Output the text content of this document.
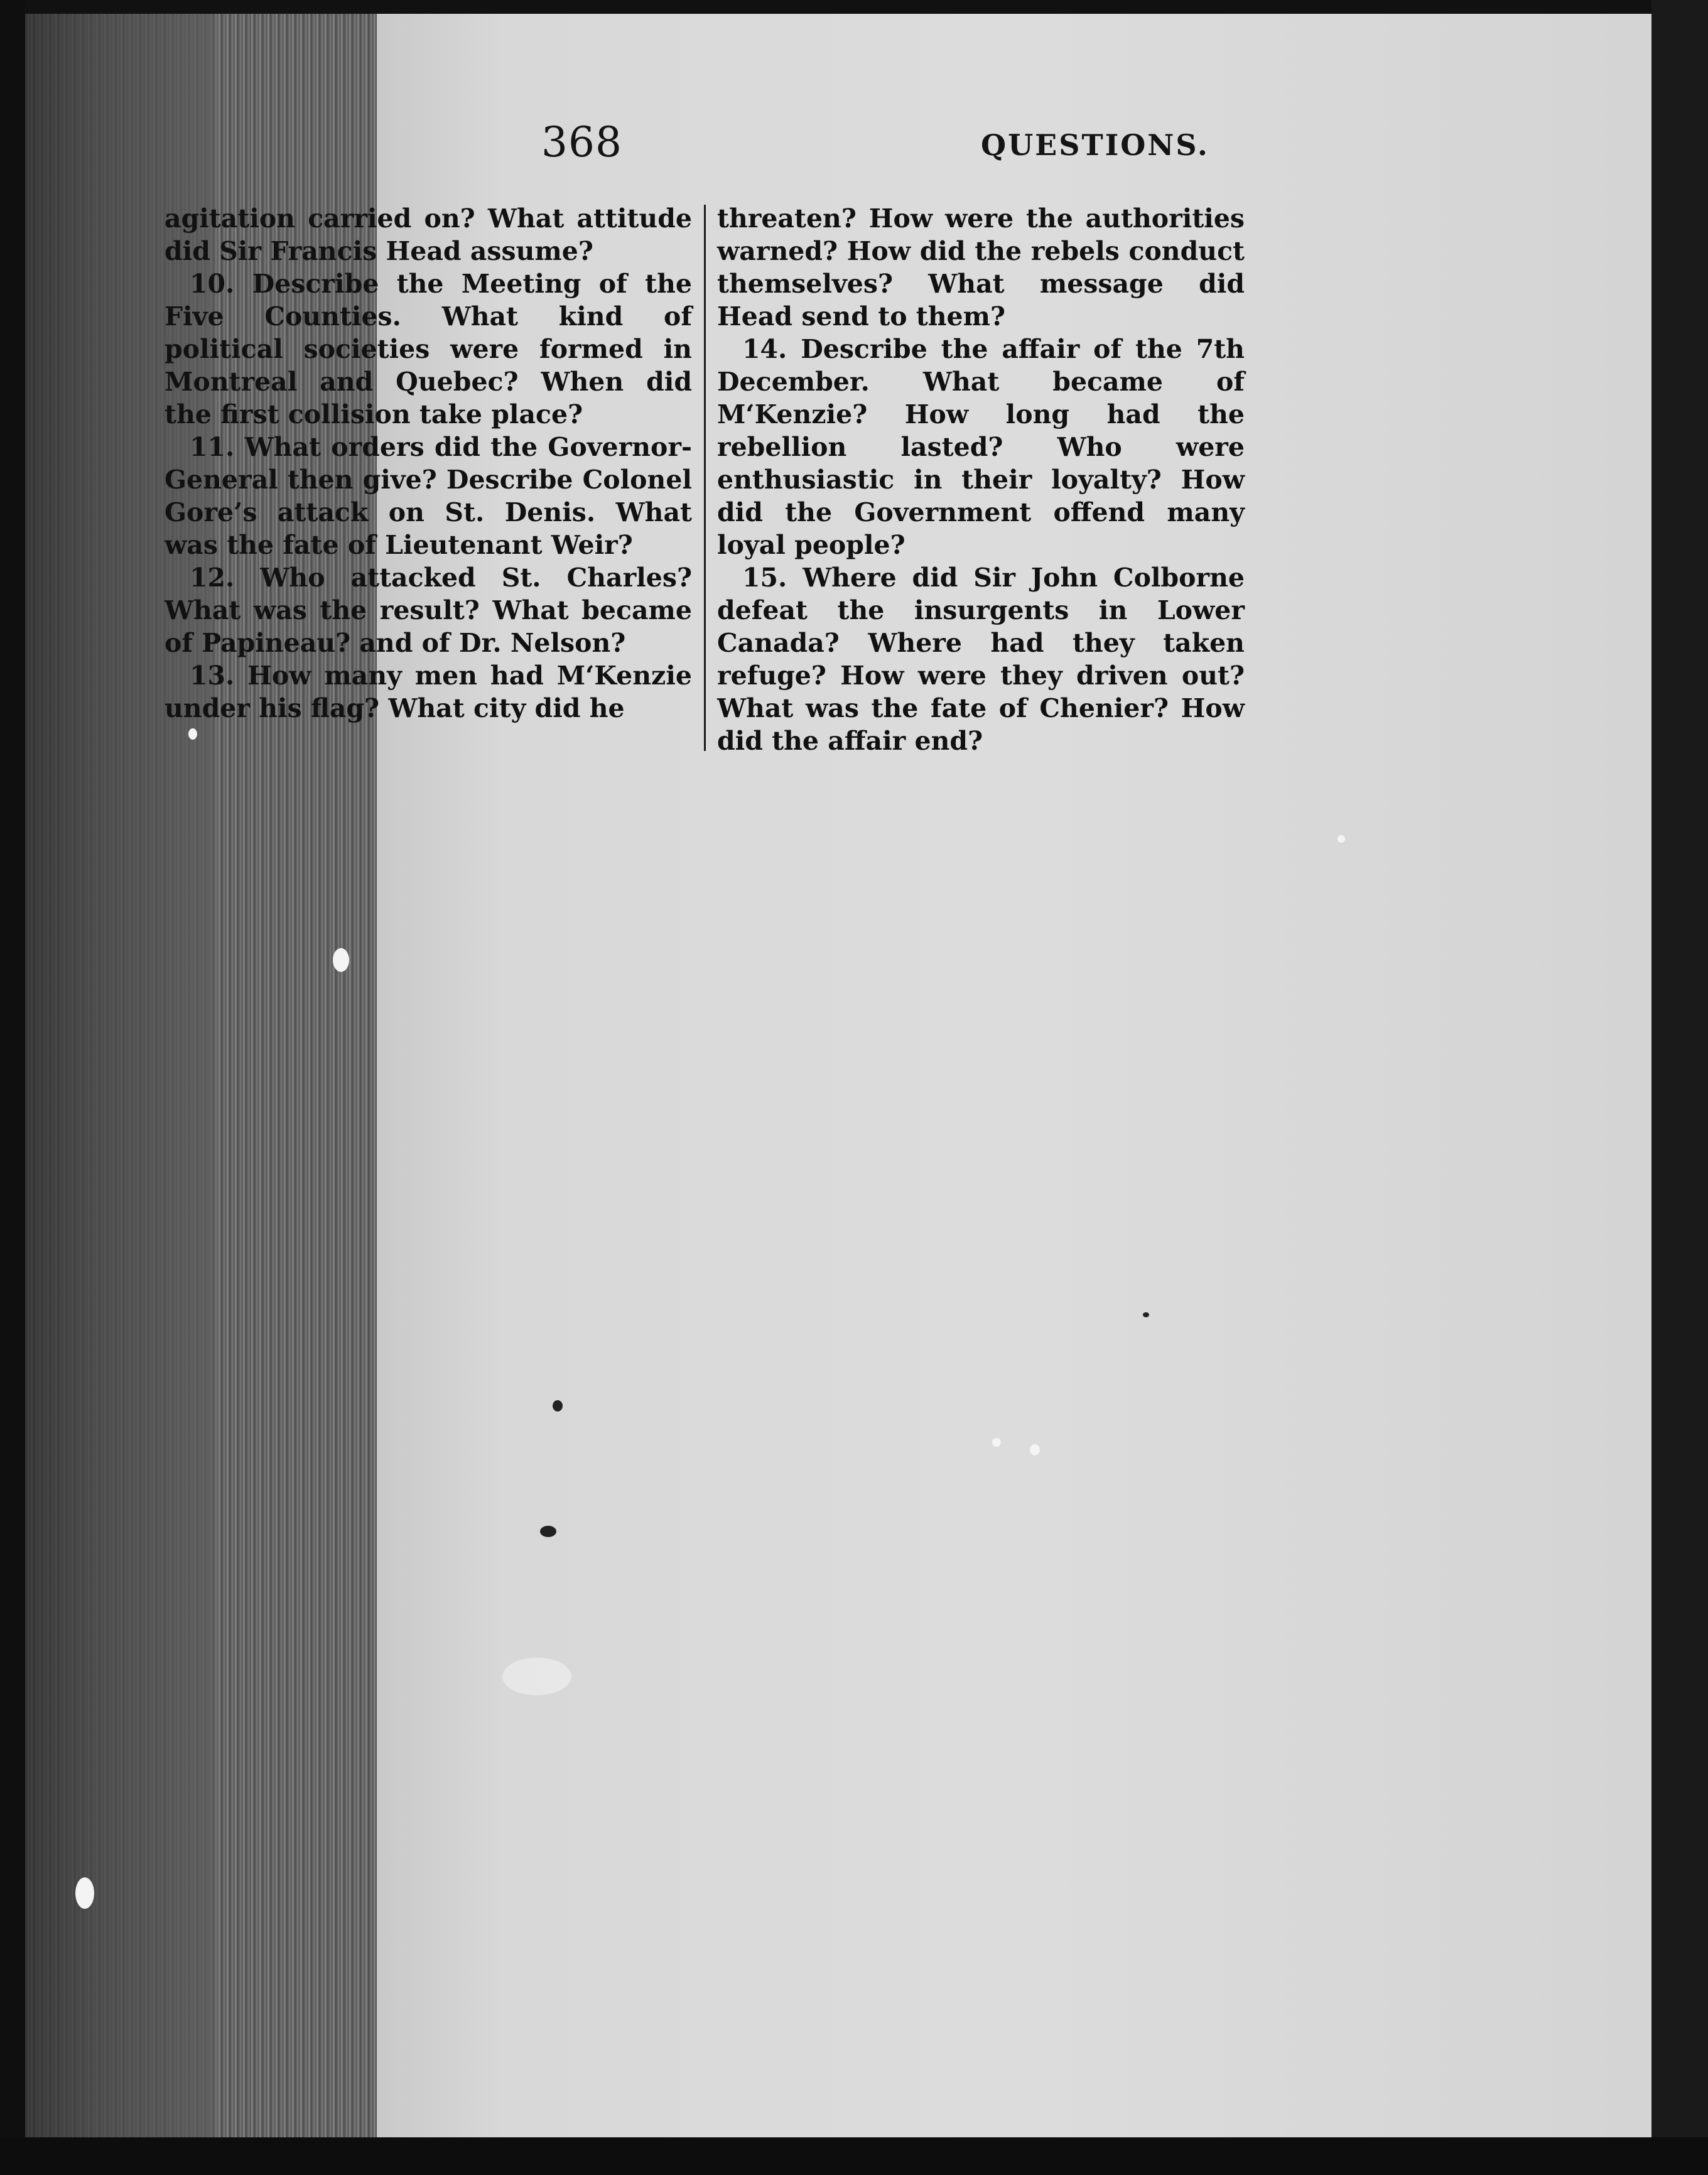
368	QUESTIONS.

agitation carried on? What attitude did Sir Francis Head assume?

10. Describe the Meeting of the Five Counties. What kind of political societies were formed in Montreal and Quebec? When did the first collision take place?

11. What orders did the Governor-General then give? Describe Colonel Gore’s attack on St. Denis. What was the fate of Lieutenant Weir?

12. Who attacked St. Charles? What was the result? What became of Papineau? and of Dr. Nelson?

13. How many men had M‘Kenzie under his flag? What city did he

threaten? How were the authorities warned? How did the rebels conduct themselves? What message did Head send to them?

14. Describe the affair of the 7th December. What became of M‘Kenzie? How long had the rebellion lasted? Who were enthusiastic in their loyalty? How did the Government offend many loyal people?

15. Where did Sir John Colborne defeat the insurgents in Lower Canada? Where had they taken refuge? How were they driven out? What was the fate of Chenier? How did the affair end?
